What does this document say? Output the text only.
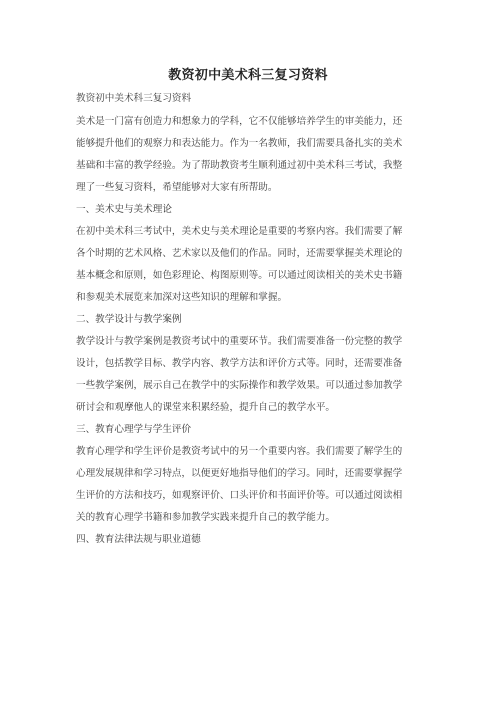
教资初中美术科三复习资料
教资初中美术科三复习资料
美术是一门富有创造力和想象力的学科，它不仅能够培养学生的审美能力，还
能够提升他们的观察力和表达能力。作为一名教师，我们需要具备扎实的美术
基础和丰富的教学经验。为了帮助教资考生顺利通过初中美术科三考试，我整
理了一些复习资料，希望能够对大家有所帮助。
一、美术史与美术理论
在初中美术科三考试中，美术史与美术理论是重要的考察内容。我们需要了解
各个时期的艺术风格、艺术家以及他们的作品。同时，还需要掌握美术理论的
基本概念和原则，如色彩理论、构图原则等。可以通过阅读相关的美术史书籍
和参观美术展览来加深对这些知识的理解和掌握。
二、教学设计与教学案例
教学设计与教学案例是教资考试中的重要环节。我们需要准备一份完整的教学
设计，包括教学目标、教学内容、教学方法和评价方式等。同时，还需要准备
一些教学案例，展示自己在教学中的实际操作和教学效果。可以通过参加教学
研讨会和观摩他人的课堂来积累经验，提升自己的教学水平。
三、教育心理学与学生评价
教育心理学和学生评价是教资考试中的另一个重要内容。我们需要了解学生的
心理发展规律和学习特点，以便更好地指导他们的学习。同时，还需要掌握学
生评价的方法和技巧，如观察评价、口头评价和书面评价等。可以通过阅读相
关的教育心理学书籍和参加教学实践来提升自己的教学能力。
四、教育法律法规与职业道德
